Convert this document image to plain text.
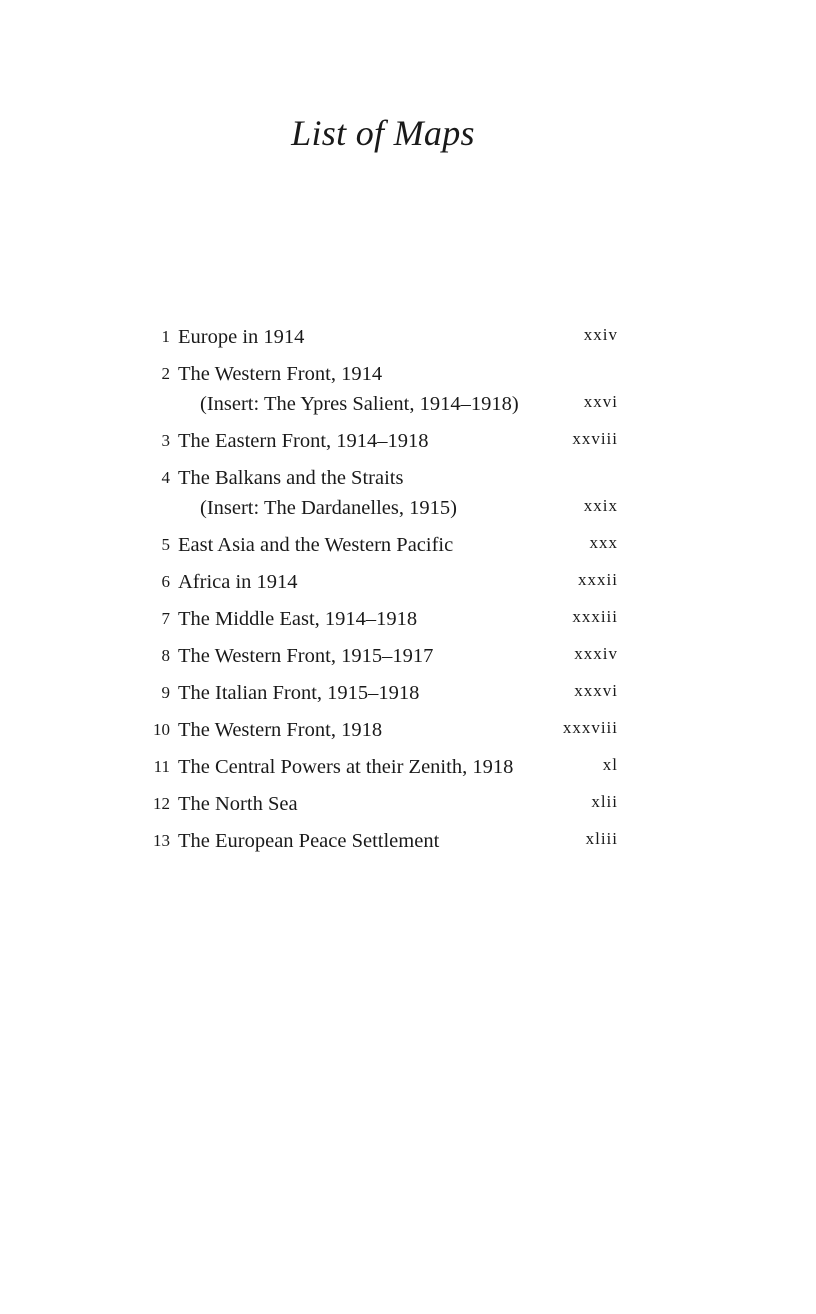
List of Maps
1 Europe in 1914	xxiv
2 The Western Front, 1914
(Insert: The Ypres Salient, 1914–1918)	xxvi
3 The Eastern Front, 1914–1918	xxviii
4 The Balkans and the Straits
(Insert: The Dardanelles, 1915)	xxix
5 East Asia and the Western Pacific	xxx
6 Africa in 1914	xxxii
7 The Middle East, 1914–1918	xxxiii
8 The Western Front, 1915–1917	xxxiv
9 The Italian Front, 1915–1918	xxxvi
10 The Western Front, 1918	xxxviii
11 The Central Powers at their Zenith, 1918	xl
12 The North Sea	xlii
13 The European Peace Settlement	xliii
